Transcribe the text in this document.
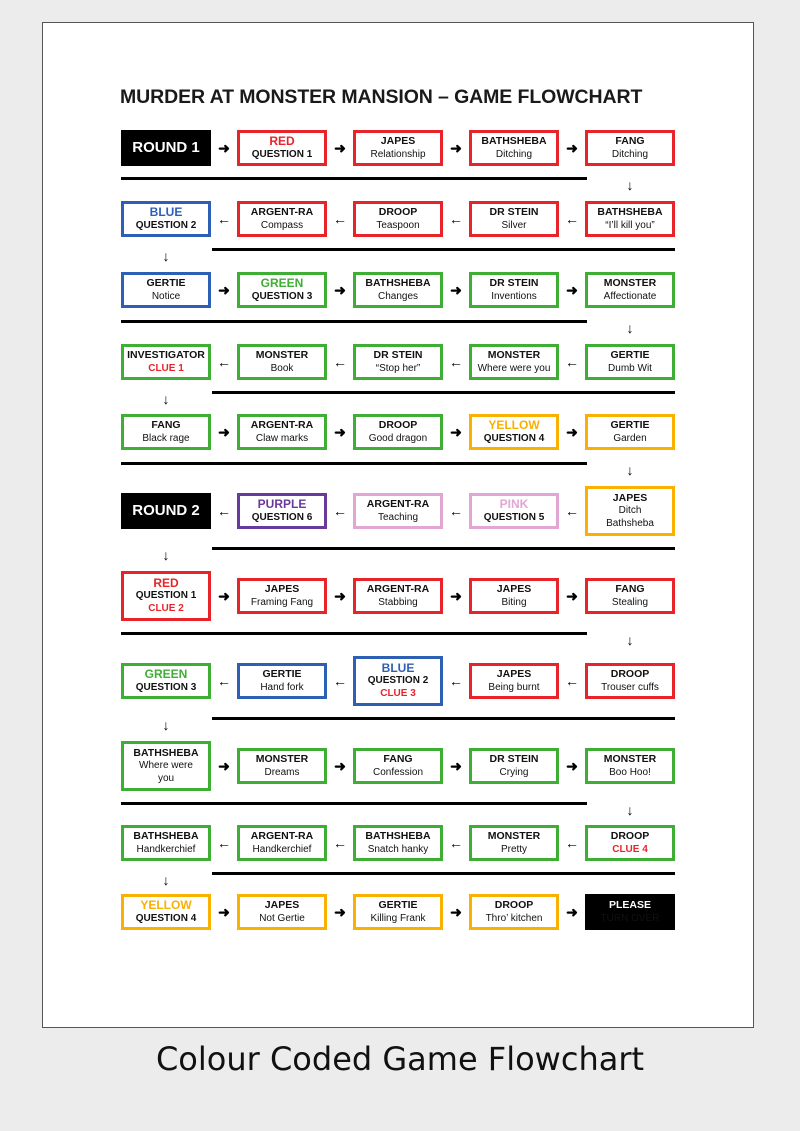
MURDER AT MONSTER MANSION – GAME FLOWCHART
ROUND 1 ➜	RED
QUESTION 1 ➜	JAPES
Relationship ➜	BATHSHEBA
Ditching ➜	FANG
Ditching
↓
BLUE
QUESTION 2 ← ARGENT-RA
Compass ←	DROOP
Teaspoon ←	DR STEIN
Silver	← BATHSHEBA
“I’ll kill you”
↓
GERTIE
Notice	➜	GREEN
QUESTION 3 ➜	BATHSHEBA
Changes ➜	DR STEIN
Inventions ➜	MONSTER
Affectionate
↓
INVESTIGATOR
CLUE 1 ← MONSTER
Book	←	DR STEIN
“Stop her” ← MONSTER
Where were you ←	GERTIE
Dumb Wit
↓
FANG
Black rage ➜	ARGENT-RA
Claw marks ➜	DROOP
Good dragon ➜	YELLOW
QUESTION 4 ➜	GERTIE
Garden
↓
ROUND 2 ← PURPLE
QUESTION 6 ← ARGENT-RA
Teaching ←	PINK
QUESTION 5 ←
JAPES
Ditch
Bathsheba
↓
RED
QUESTION 1
CLUE 2
➜	JAPES
Framing Fang ➜	ARGENT-RA
Stabbing ➜	JAPES
Biting	➜	FANG
Stealing
↓
GREEN
QUESTION 3 ←	GERTIE
Hand fork ←
BLUE
QUESTION 2
CLUE 3
←	JAPES
Being burnt ←	DROOP
Trouser cuffs
↓
BATHSHEBA
Where were
you
➜	MONSTER
Dreams ➜	FANG
Confession ➜	DR STEIN
Crying	➜	MONSTER
Boo Hoo!
↓
BATHSHEBA
Handkerchief ← ARGENT-RA
Handkerchief ← BATHSHEBA
Snatch hanky ← MONSTER
Pretty	←	DROOP
CLUE 4
↓
YELLOW
QUESTION 4 ➜	JAPES
Not Gertie ➜	GERTIE
Killing Frank ➜	DROOP
Thro’ kitchen ➜	PLEASE
TURN OVER
Colour Coded Game Flowchart
